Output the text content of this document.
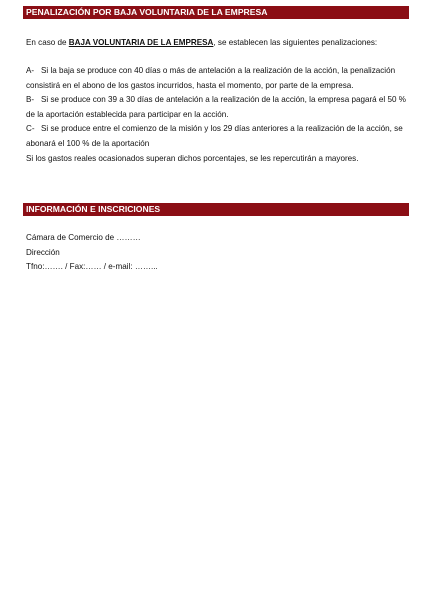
PENALIZACIÓN POR BAJA VOLUNTARIA DE LA EMPRESA

En caso de BAJA VOLUNTARIA DE LA EMPRESA, se establecen las siguientes penalizaciones:

A- Si la baja se produce con 40 días o más de antelación a la realización de la acción, la penalización consistirá en el abono de los gastos incurridos, hasta el momento, por parte de la empresa.

B- Si se produce con 39 a 30 días de antelación a la realización de la acción, la empresa pagará el 50 % de la aportación establecida para participar en la acción.

C- Si se produce entre el comienzo de la misión y los 29 días anteriores a la realización de la acción, se abonará el 100 % de la aportación

Si los gastos reales ocasionados superan dichos porcentajes, se les repercutirán a mayores.

INFORMACIÓN E INSCRICIONES

Cámara de Comercio de ………

Dirección

Tfno:……. / Fax:…… / e-mail: ……...
